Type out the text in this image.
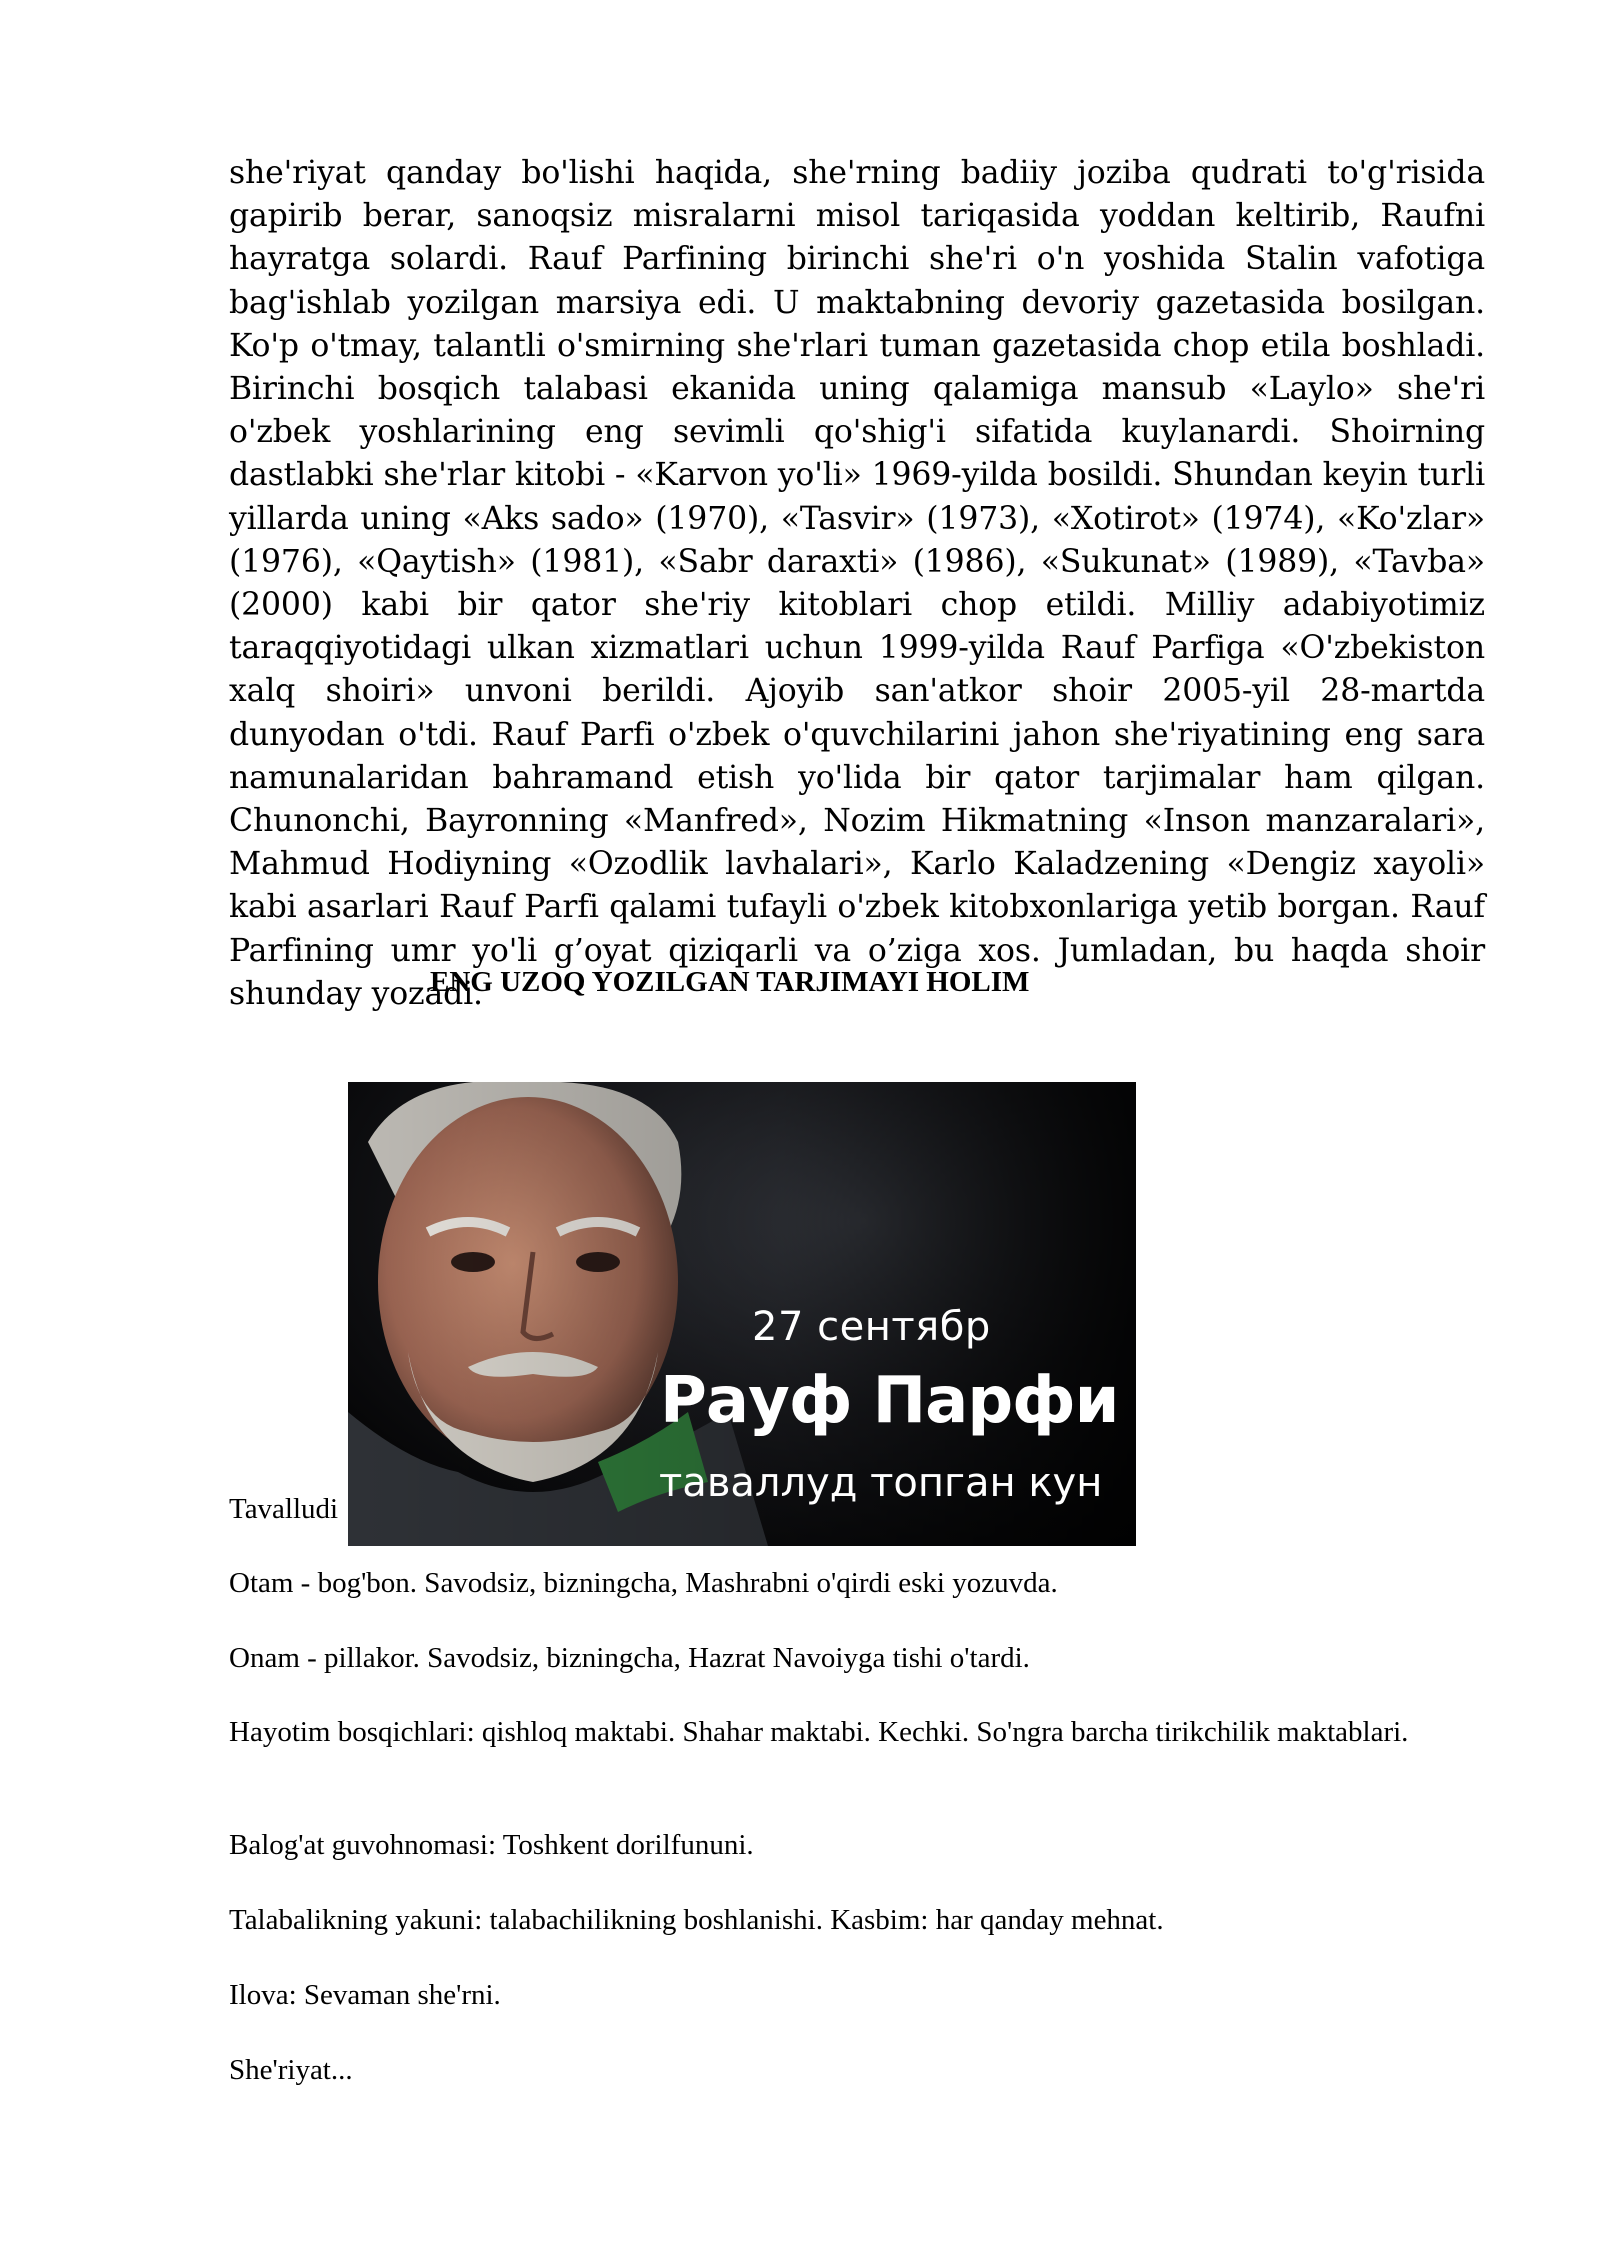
she'riyat qanday bo'lishi haqida, she'rning badiiy joziba qudrati to'g'risida gapirib berar, sanoqsiz misralarni misol tariqasida yoddan keltirib, Raufni hayratga solardi. Rauf Parfining birinchi she'ri o'n yoshida Stalin vafotiga bag'ishlab yozilgan marsiya edi. U maktabning devoriy gazetasida bosilgan. Ko'p o'tmay, talantli o'smirning she'rlari tuman gazetasida chop etila boshladi. Birinchi bosqich talabasi ekanida uning qalamiga mansub «Laylo» she'ri o'zbek yoshlarining eng sevimli qo'shig'i sifatida kuylanardi. Shoirning dastlabki she'rlar kitobi - «Karvon yo'li» 1969-yilda bosildi. Shundan keyin turli yillarda uning «Aks sado» (1970), «Tasvir» (1973), «Xotirot» (1974), «Ko'zlar» (1976), «Qaytish» (1981), «Sabr daraxti» (1986), «Sukunat» (1989), «Tavba» (2000) kabi bir qator she'riy kitoblari chop etildi. Milliy adabiyotimiz taraqqiyotidagi ulkan xizmatlari uchun 1999-yilda Rauf Parfiga «O'zbekiston xalq shoiri» unvoni berildi. Ajoyib san'atkor shoir 2005-yil 28-martda dunyodan o'tdi. Rauf Parfi o'zbek o'quvchilarini jahon she'riyatining eng sara namunalaridan bahramand etish yo'lida bir qator tarjimalar ham qilgan. Chunonchi, Bayronning «Manfred», Nozim Hikmatning «Inson manzaralari», Mahmud Hodiyning «Ozodlik lavhalari», Karlo Kaladzening «Dengiz xayoli» kabi asarlari Rauf Parfi qalami tufayli o'zbek kitobxonlariga yetib borgan. Rauf Parfining umr yo'li g’oyat qiziqarli va o’ziga xos. Jumladan, bu haqda shoir shunday yozadi.

ENG UZOQ YOZILGAN TARJIMAYI HOLIM
Tavalludi
27 сентябр
Рауф Парфи
таваллуд топган кун

Otam - bog'bon. Savodsiz, bizningcha, Mashrabni o'qirdi eski yozuvda.

Onam - pillakor. Savodsiz, bizningcha, Hazrat Navoiyga tishi o'tardi.

Hayotim bosqichlari: qishloq maktabi. Shahar maktabi. Kechki. So'ngra barcha tirikchilik maktablari.

Balog'at guvohnomasi: Toshkent dorilfununi.

Talabalikning yakuni: talabachilikning boshlanishi. Kasbim: har qanday mehnat.

Ilova: Sevaman she'rni.

She'riyat...
